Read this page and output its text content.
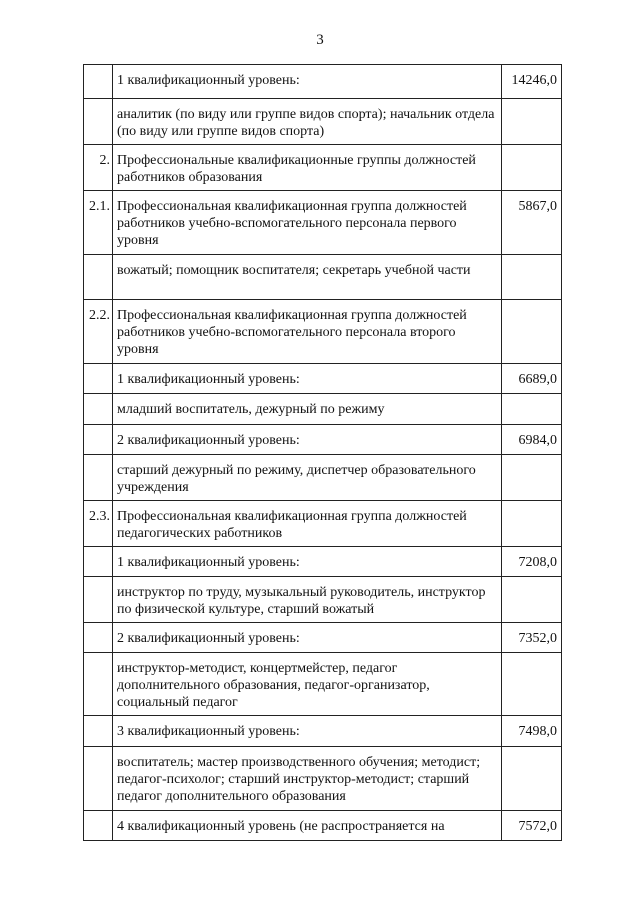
3
	1 квалификационный уровень:	14246,0
	аналитик (по виду или группе видов спорта); начальник отдела (по виду или группе видов спорта)	
2.	Профессиональные квалификационные группы должностей работников образования	
2.1.	Профессиональная квалификационная группа должностей работников учебно-вспомогательного персонала первого уровня	5867,0
	вожатый; помощник воспитателя; секретарь учебной части	
2.2.	Профессиональная квалификационная группа должностей работников учебно-вспомогательного персонала второго уровня	
	1 квалификационный уровень:	6689,0
	младший воспитатель, дежурный по режиму	
	2 квалификационный уровень:	6984,0
	старший дежурный по режиму, диспетчер образовательного учреждения	
2.3.	Профессиональная квалификационная группа должностей педагогических работников	
	1 квалификационный уровень:	7208,0
	инструктор по труду, музыкальный руководитель, инструктор по физической культуре, старший вожатый	
	2 квалификационный уровень:	7352,0
	инструктор-методист, концертмейстер, педагог дополнительного образования, педагог-организатор, социальный педагог	
	3 квалификационный уровень:	7498,0
	воспитатель; мастер производственного обучения; методист; педагог-психолог; старший инструктор-методист; старший педагог дополнительного образования	
	4 квалификационный уровень (не распространяется на	7572,0
